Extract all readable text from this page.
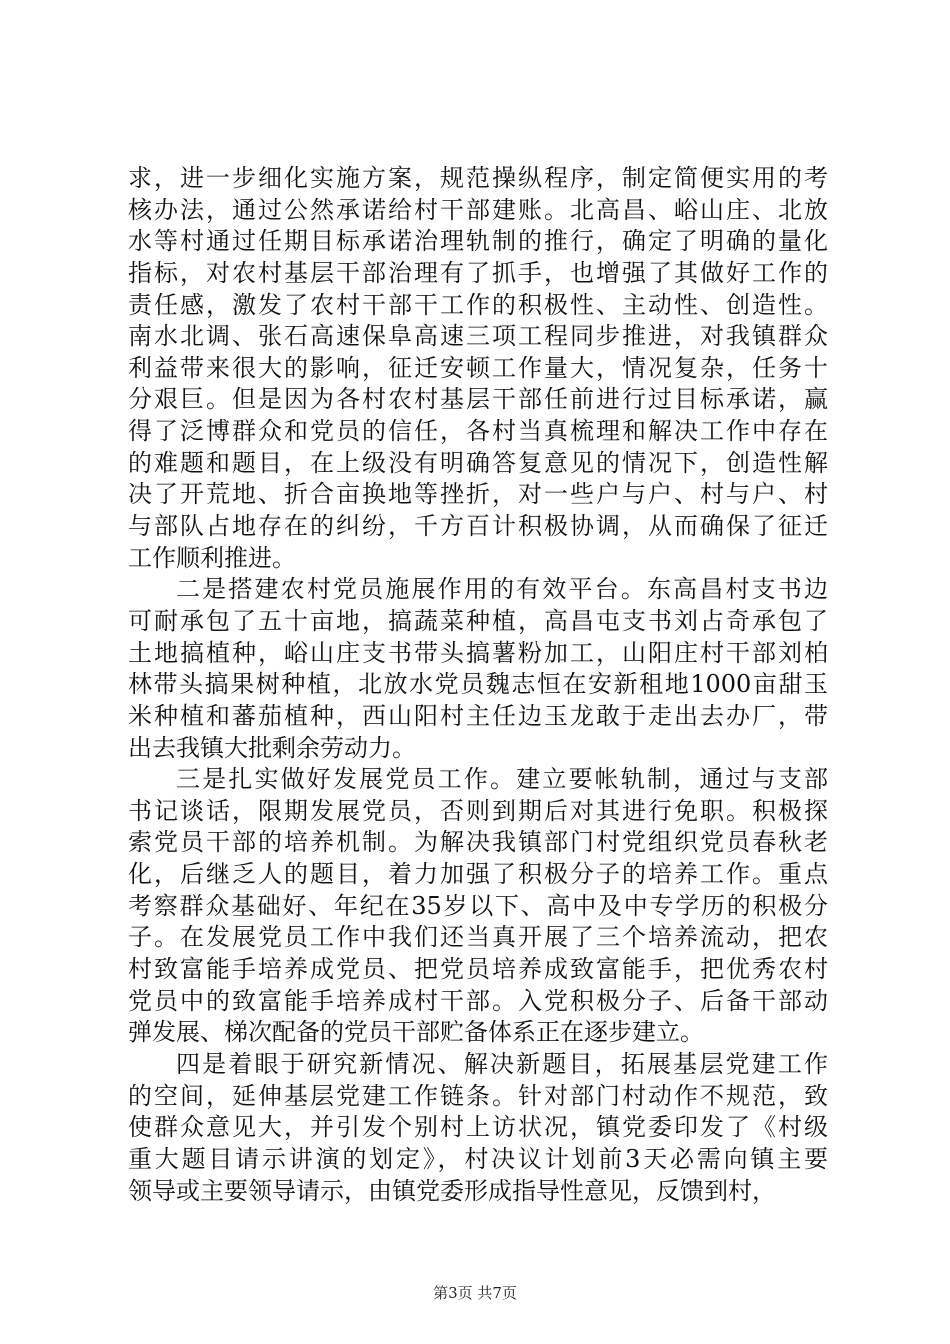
求，进一步细化实施方案，规范操纵程序，制定简便实用的考
核办法，通过公然承诺给村干部建账。北高昌、峪山庄、北放
水等村通过任期目标承诺治理轨制的推行，确定了明确的量化
指标，对农村基层干部治理有了抓手，也增强了其做好工作的
责任感，激发了农村干部干工作的积极性、主动性、创造性。
南水北调、张石高速保阜高速三项工程同步推进，对我镇群众
利益带来很大的影响，征迁安顿工作量大，情况复杂，任务十
分艰巨。但是因为各村农村基层干部任前进行过目标承诺，赢
得了泛博群众和党员的信任，各村当真梳理和解决工作中存在
的难题和题目，在上级没有明确答复意见的情况下，创造性解
决了开荒地、折合亩换地等挫折，对一些户与户、村与户、村
与部队占地存在的纠纷，千方百计积极协调，从而确保了征迁
工作顺利推进。
二是搭建农村党员施展作用的有效平台。东高昌村支书边
可耐承包了五十亩地，搞蔬菜种植，高昌屯支书刘占奇承包了
土地搞植种，峪山庄支书带头搞薯粉加工，山阳庄村干部刘柏
林带头搞果树种植，北放水党员魏志恒在安新租地1000亩甜玉
米种植和蕃茄植种，西山阳村主任边玉龙敢于走出去办厂，带
出去我镇大批剩余劳动力。
三是扎实做好发展党员工作。建立要帐轨制，通过与支部
书记谈话，限期发展党员，否则到期后对其进行免职。积极探
索党员干部的培养机制。为解决我镇部门村党组织党员春秋老
化，后继乏人的题目，着力加强了积极分子的培养工作。重点
考察群众基础好、年纪在35岁以下、高中及中专学历的积极分
子。在发展党员工作中我们还当真开展了三个培养流动，把农
村致富能手培养成党员、把党员培养成致富能手，把优秀农村
党员中的致富能手培养成村干部。入党积极分子、后备干部动
弹发展、梯次配备的党员干部贮备体系正在逐步建立。
四是着眼于研究新情况、解决新题目，拓展基层党建工作
的空间，延伸基层党建工作链条。针对部门村动作不规范，致
使群众意见大，并引发个别村上访状况，镇党委印发了《村级
重大题目请示讲演的划定》，村决议计划前3天必需向镇主要
领导或主要领导请示，由镇党委形成指导性意见，反馈到村，
第3页 共7页
